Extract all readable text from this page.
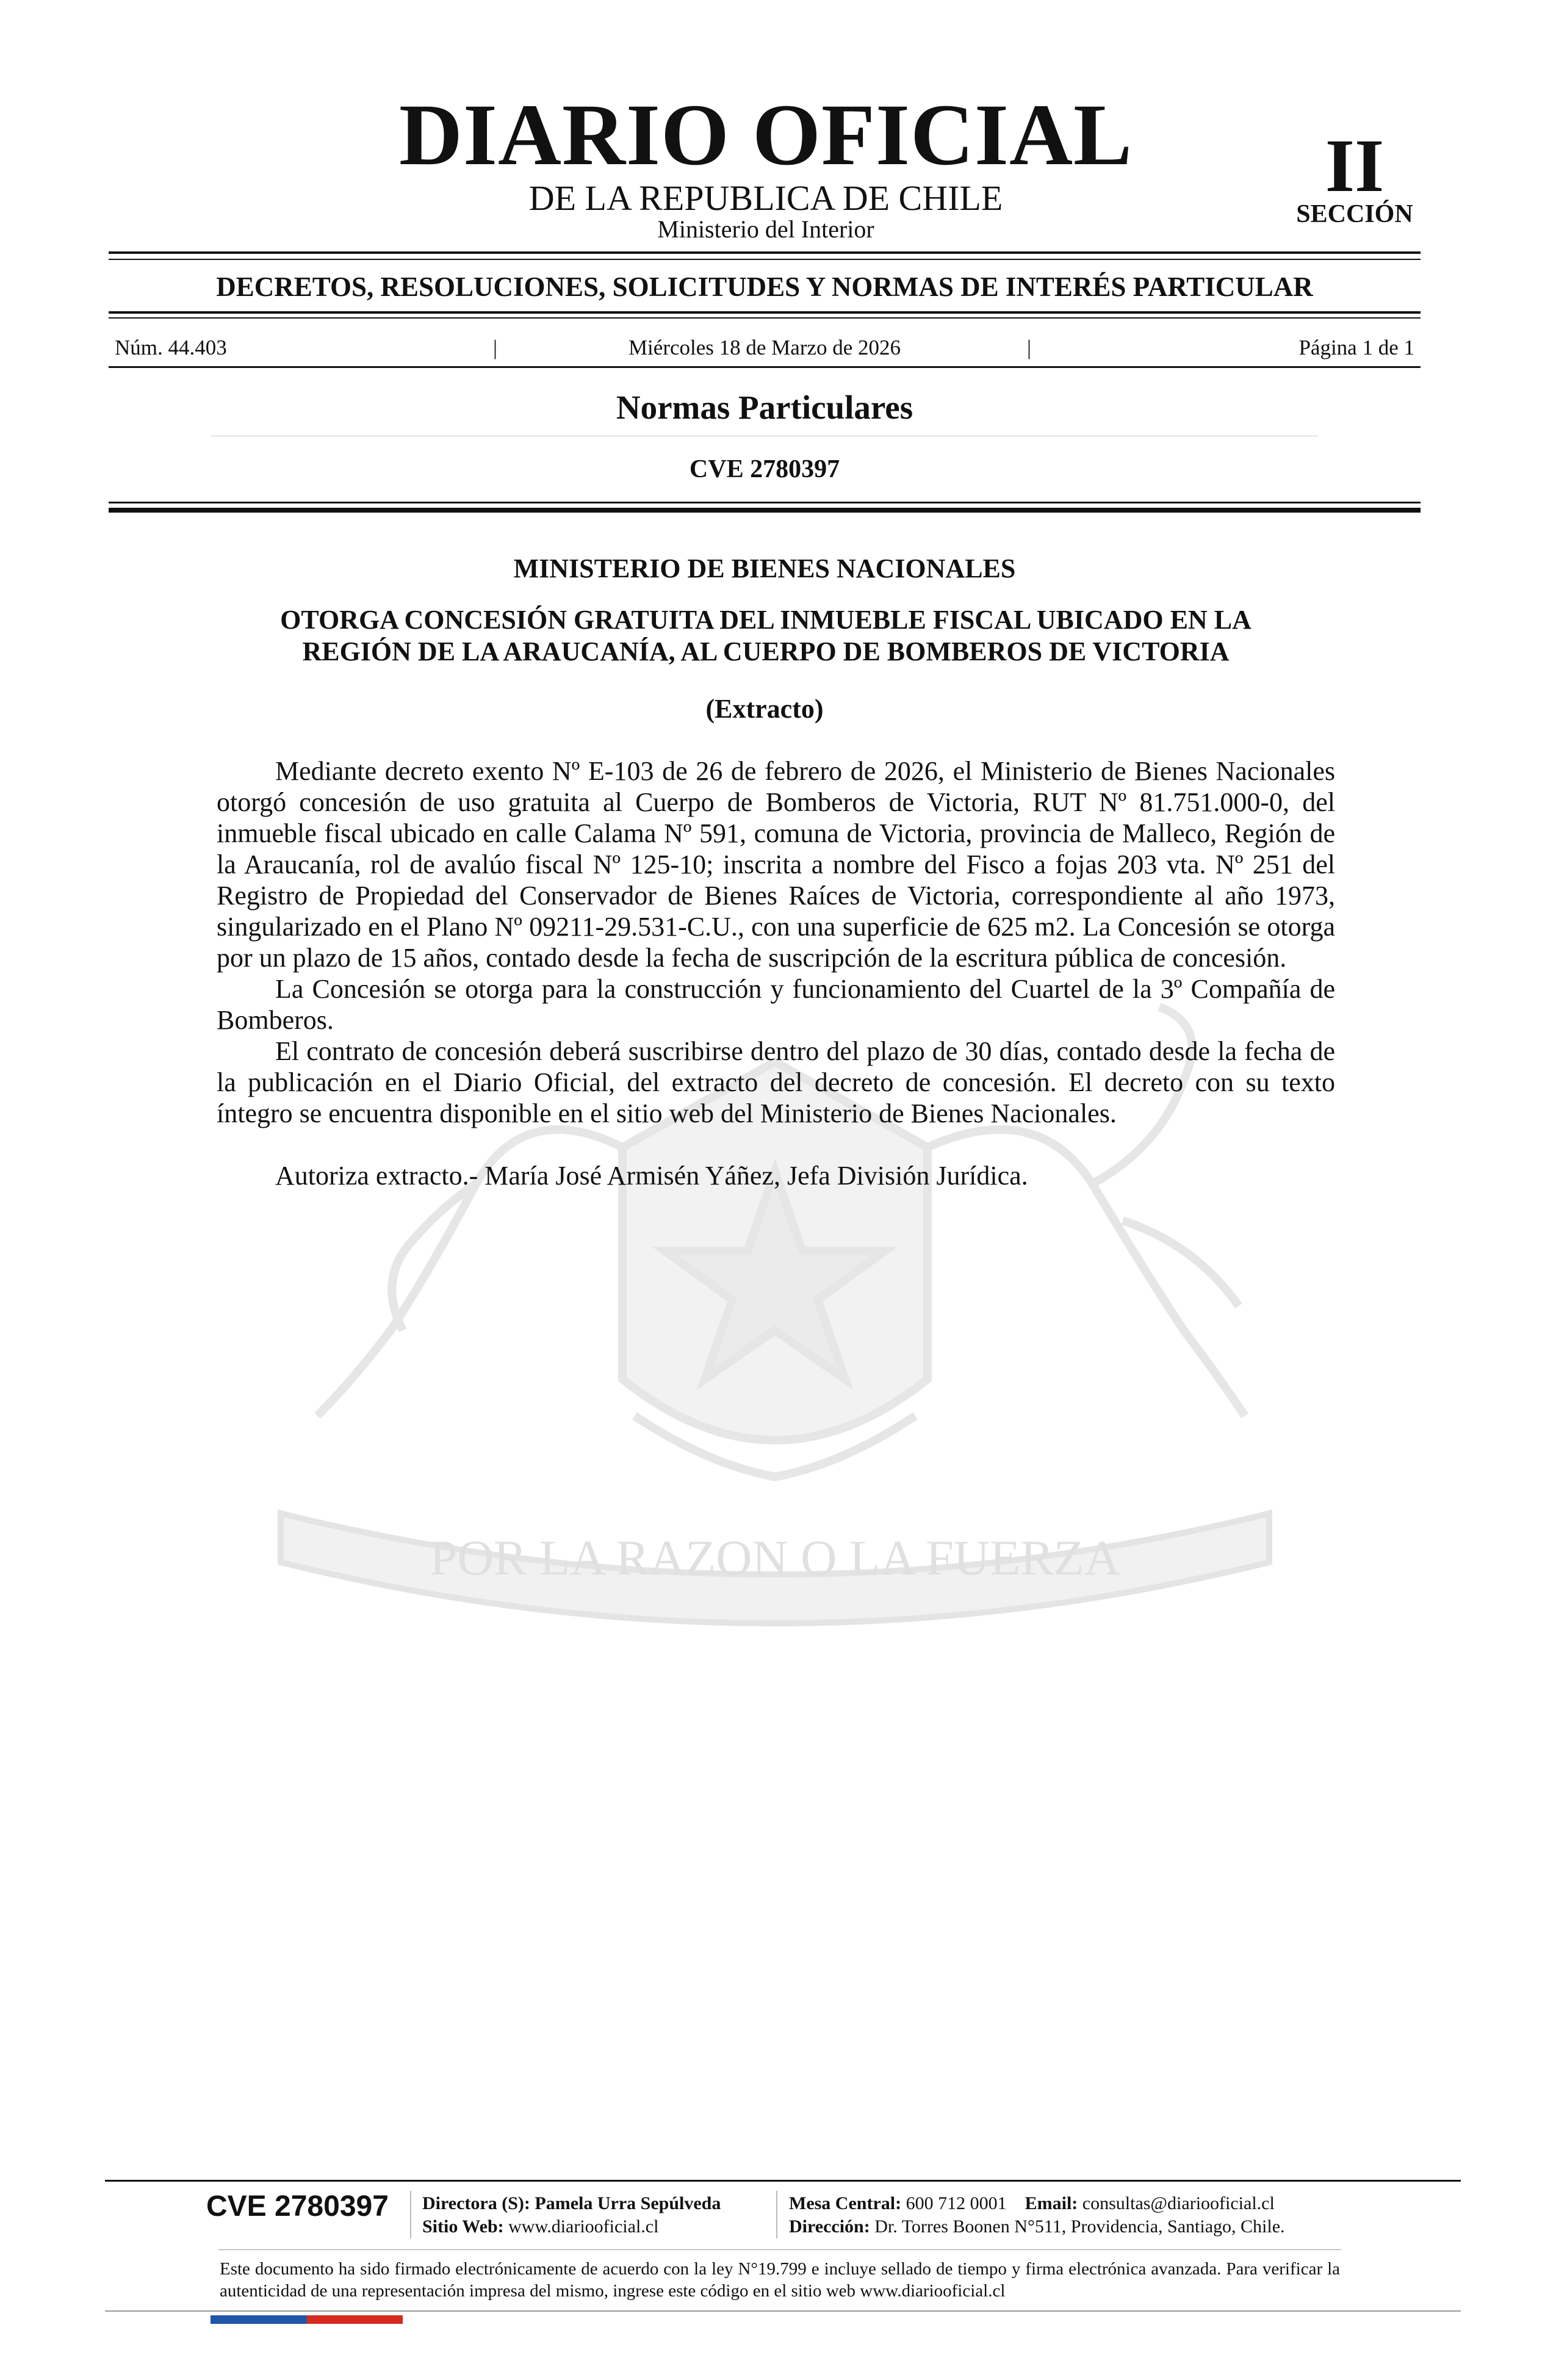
POR LA RAZON O LA FUERZA
DIARIO OFICIAL
DE LA REPUBLICA DE CHILE
Ministerio del Interior
II
SECCIÓN
DECRETOS, RESOLUCIONES, SOLICITUDES Y NORMAS DE INTERÉS PARTICULAR
Miércoles 18 de Marzo de 2026
Núm. 44.403	|	|	Página 1 de 1
Normas Particulares
CVE 2780397
MINISTERIO DE BIENES NACIONALES
OTORGA CONCESIÓN GRATUITA DEL INMUEBLE FISCAL UBICADO EN LA REGIÓN DE LA ARAUCANÍA, AL CUERPO DE BOMBEROS DE VICTORIA
(Extracto)

Mediante decreto exento Nº E-103 de 26 de febrero de 2026, el Ministerio de Bienes Nacionales otorgó concesión de uso gratuita al Cuerpo de Bomberos de Victoria, RUT Nº 81.751.000-0, del inmueble fiscal ubicado en calle Calama Nº 591, comuna de Victoria, provincia de Malleco, Región de la Araucanía, rol de avalúo fiscal Nº 125-10; inscrita a nombre del Fisco a fojas 203 vta. Nº 251 del Registro de Propiedad del Conservador de Bienes Raíces de Victoria, correspondiente al año 1973, singularizado en el Plano Nº 09211-29.531-C.U., con una superficie de 625 m2. La Concesión se otorga por un plazo de 15 años, contado desde la fecha de suscripción de la escritura pública de concesión.

La Concesión se otorga para la construcción y funcionamiento del Cuartel de la 3º Compañía de Bomberos.

El contrato de concesión deberá suscribirse dentro del plazo de 30 días, contado desde la fecha de la publicación en el Diario Oficial, del extracto del decreto de concesión. El decreto con su texto íntegro se encuentra disponible en el sitio web del Ministerio de Bienes Nacionales.

Autoriza extracto.- María José Armisén Yáñez, Jefa División Jurídica.

CVE 2780397 Directora (S): Pamela Urra Sepúlveda
Sitio Web: www.diariooficial.cl
Mesa Central: 600 712 0001 Email: consultas@diariooficial.cl
Dirección: Dr. Torres Boonen N°511, Providencia, Santiago, Chile.
Este documento ha sido firmado electrónicamente de acuerdo con la ley N°19.799 e incluye sellado de tiempo y firma electrónica avanzada. Para verificar la autenticidad de una representación impresa del mismo, ingrese este código en el sitio web www.diariooficial.cl
